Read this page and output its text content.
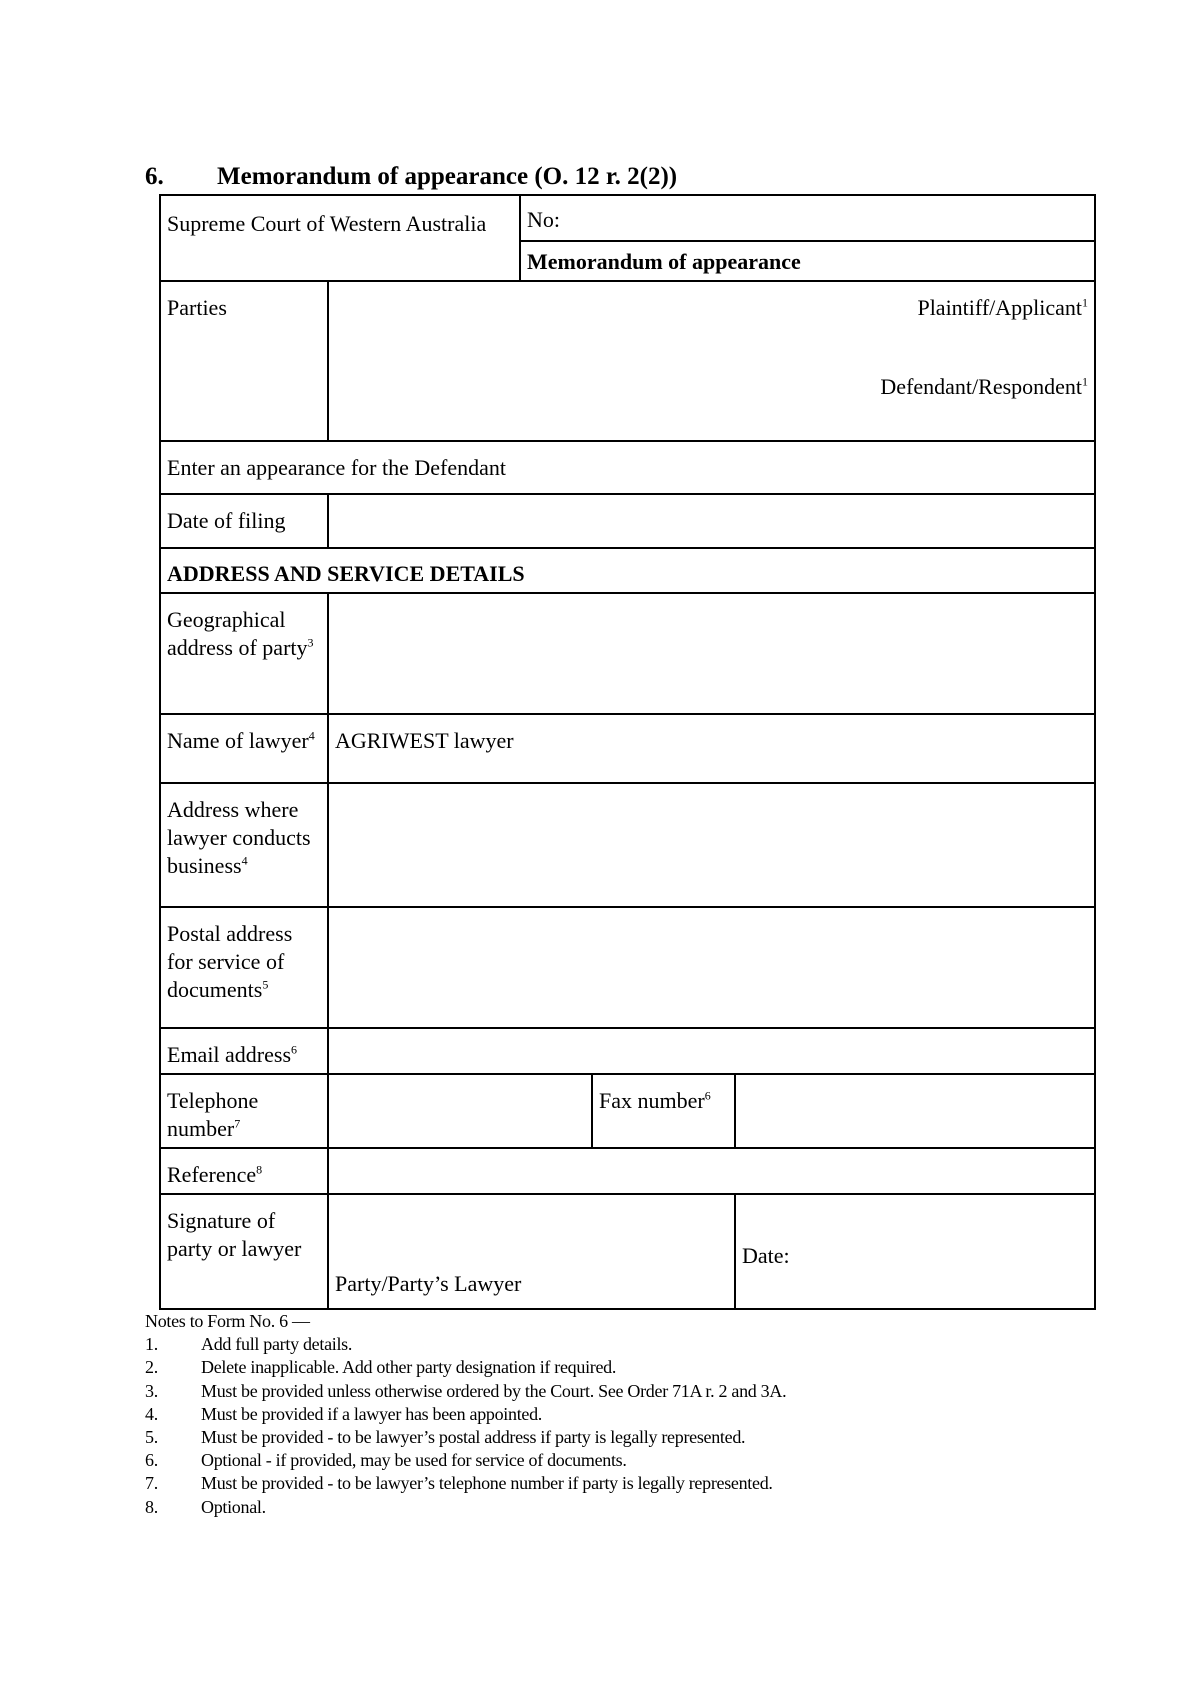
6. Memorandum of appearance (O. 12 r. 2(2))
Supreme Court of Western Australia		No:		
		Memorandum of appearance		
Parties	Plaintiff/Applicant$^1$
Defendant/Respondent$^1$

Enter an appearance for the Defendant				
Date of filing				
ADDRESS AND SERVICE DETAILS				
Geographical address of party$^3$	
Name of lawyer$^4$	AGRIWEST lawyer			
Address where lawyer conducts business$^4$	
Postal address for service of documents$^5$	
Email address$^6$	
Telephone number$^7$			Fax number$^6$	
Reference$^8$	
Signature of party or lawyer	Party/Party’s Lawyer			Date:
Notes to Form No. 6 —
1.	Add full party details.
2.	Delete inapplicable. Add other party designation if required.
3.	Must be provided unless otherwise ordered by the Court. See Order 71A r. 2 and 3A.
4.	Must be provided if a lawyer has been appointed.
5.	Must be provided - to be lawyer’s postal address if party is legally represented.
6.	Optional - if provided, may be used for service of documents.
7.	Must be provided - to be lawyer’s telephone number if party is legally represented.
8.	Optional.
